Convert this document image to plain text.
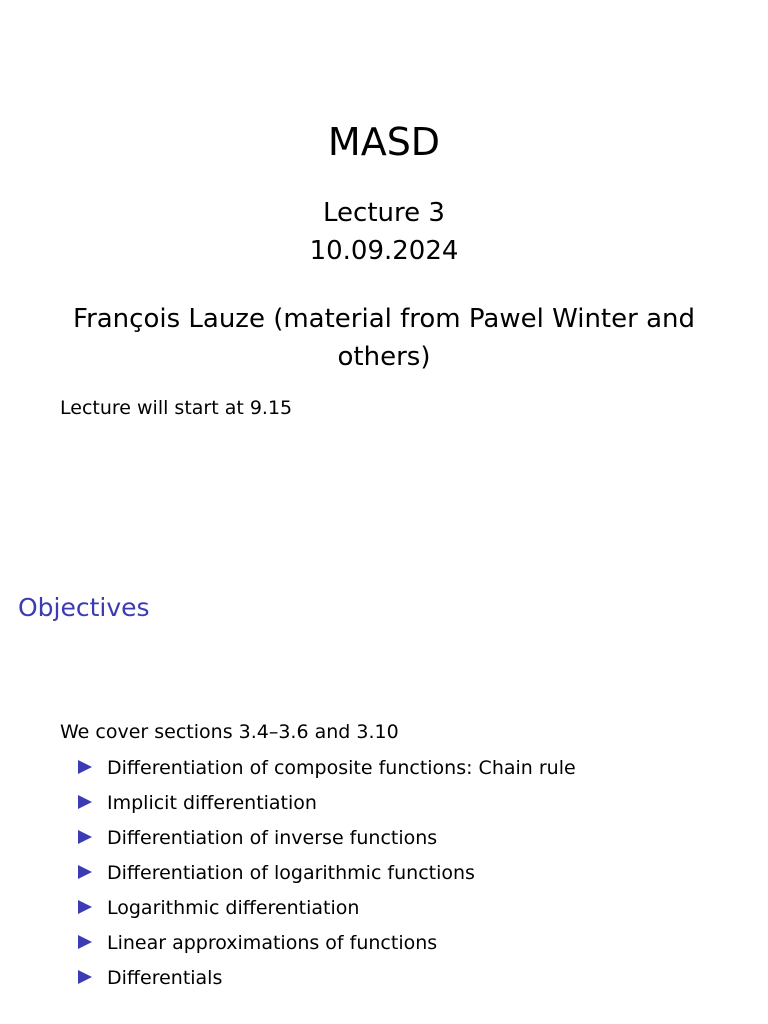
MASD
Lecture 3
10.09.2024
François Lauze (material from Pawel Winter and others)
Lecture will start at 9.15
Objectives
We cover sections 3.4–3.6 and 3.10
Differentiation of composite functions: Chain rule
Implicit differentiation
Differentiation of inverse functions
Differentiation of logarithmic functions
Logarithmic differentiation
Linear approximations of functions
Differentials
